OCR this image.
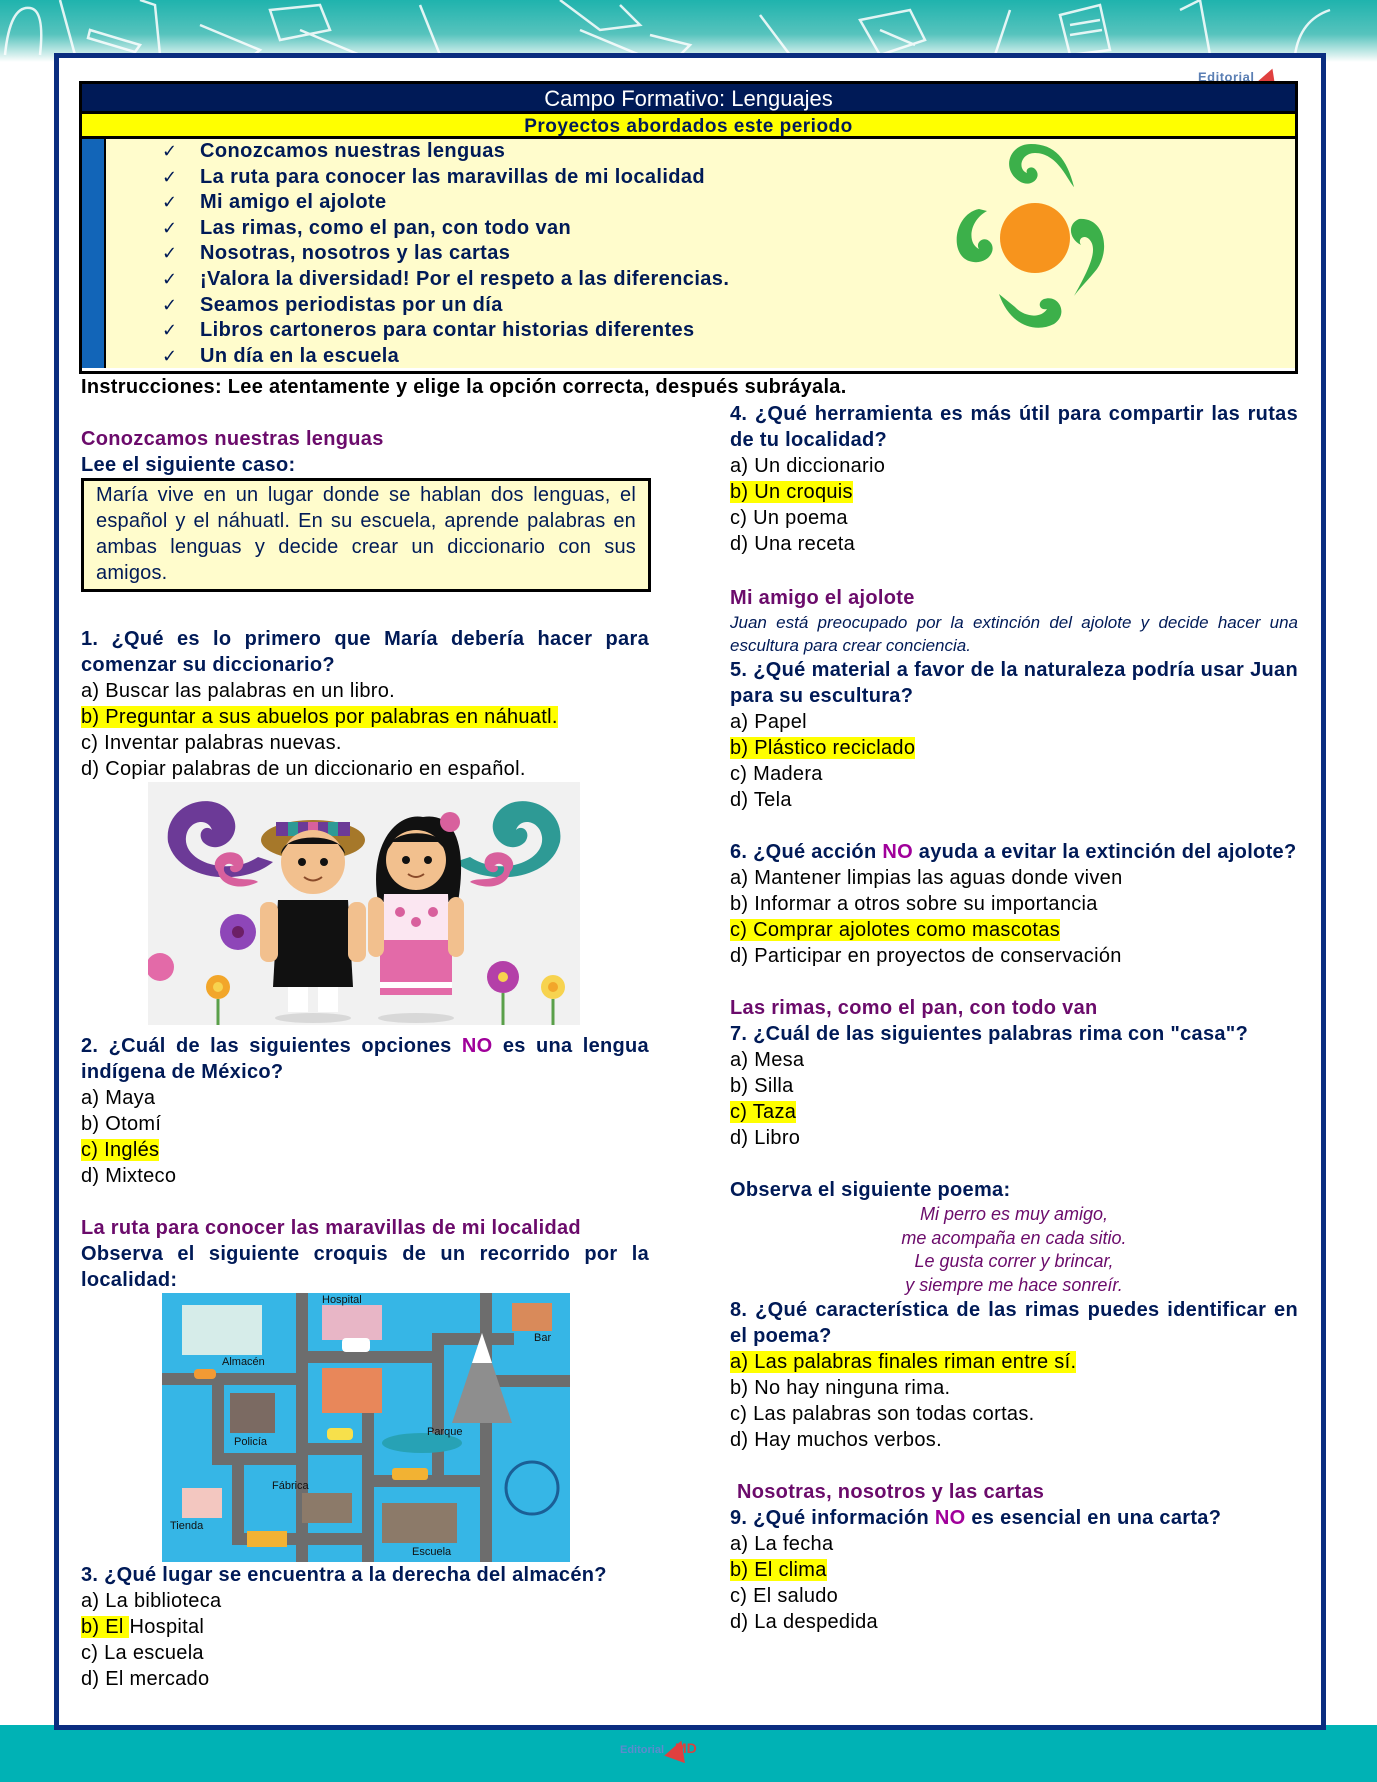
Editorial
Campo Formativo: Lenguajes
Proyectos abordados este periodo
✓ Conozcamos nuestras lenguas
✓ La ruta para conocer las maravillas de mi localidad
✓ Mi amigo el ajolote
✓ Las rimas, como el pan, con todo van
✓ Nosotras, nosotros y las cartas
✓ ¡Valora la diversidad! Por el respeto a las diferencias.
✓ Seamos periodistas por un día
✓ Libros cartoneros para contar historias diferentes
✓ Un día en la escuela
Instrucciones: Lee atentamente y elige la opción correcta, después subráyala.
Conozcamos nuestras lenguas
Lee el siguiente caso:
María vive en un lugar donde se hablan dos lenguas, el español y el náhuatl. En su escuela, aprende palabras en ambas lenguas y decide crear un diccionario con sus amigos.
1. ¿Qué es lo primero que María debería hacer para comenzar su diccionario?
a) Buscar las palabras en un libro.
b) Preguntar a sus abuelos por palabras en náhuatl.
c) Inventar palabras nuevas.
d) Copiar palabras de un diccionario en español.
2. ¿Cuál de las siguientes opciones NO es una lengua indígena de México?
a) Maya
b) Otomí
c) Inglés
d) Mixteco
La ruta para conocer las maravillas de mi localidad
Observa el siguiente croquis de un recorrido por la localidad:
Hospital
Bar
Almacén
Policía
Parque
Fábrica
Tienda
Escuela
3. ¿Qué lugar se encuentra a la derecha del almacén?
a) La biblioteca
b) El Hospital
c) La escuela
d) El mercado
4. ¿Qué herramienta es más útil para compartir las rutas de tu localidad?
a) Un diccionario
b) Un croquis
c) Un poema
d) Una receta
Mi amigo el ajolote
Juan está preocupado por la extinción del ajolote y decide hacer una escultura para crear conciencia.
5. ¿Qué material a favor de la naturaleza podría usar Juan para su escultura?
a) Papel
b) Plástico reciclado
c) Madera
d) Tela
6. ¿Qué acción NO ayuda a evitar la extinción del ajolote?
a) Mantener limpias las aguas donde viven
b) Informar a otros sobre su importancia
c) Comprar ajolotes como mascotas
d) Participar en proyectos de conservación
Las rimas, como el pan, con todo van
7. ¿Cuál de las siguientes palabras rima con "casa"?
a) Mesa
b) Silla
c) Taza
d) Libro
Observa el siguiente poema:
Mi perro es muy amigo,
me acompaña en cada sitio.
Le gusta correr y brincar,
y siempre me hace sonreír.
8. ¿Qué característica de las rimas puedes identificar en el poema?
a) Las palabras finales riman entre sí.
b) No hay ninguna rima.
c) Las palabras son todas cortas.
d) Hay muchos verbos.
Nosotras, nosotros y las cartas
9. ¿Qué información NO es esencial en una carta?
a) La fecha
b) El clima
c) El saludo
d) La despedida
Editorial MD
